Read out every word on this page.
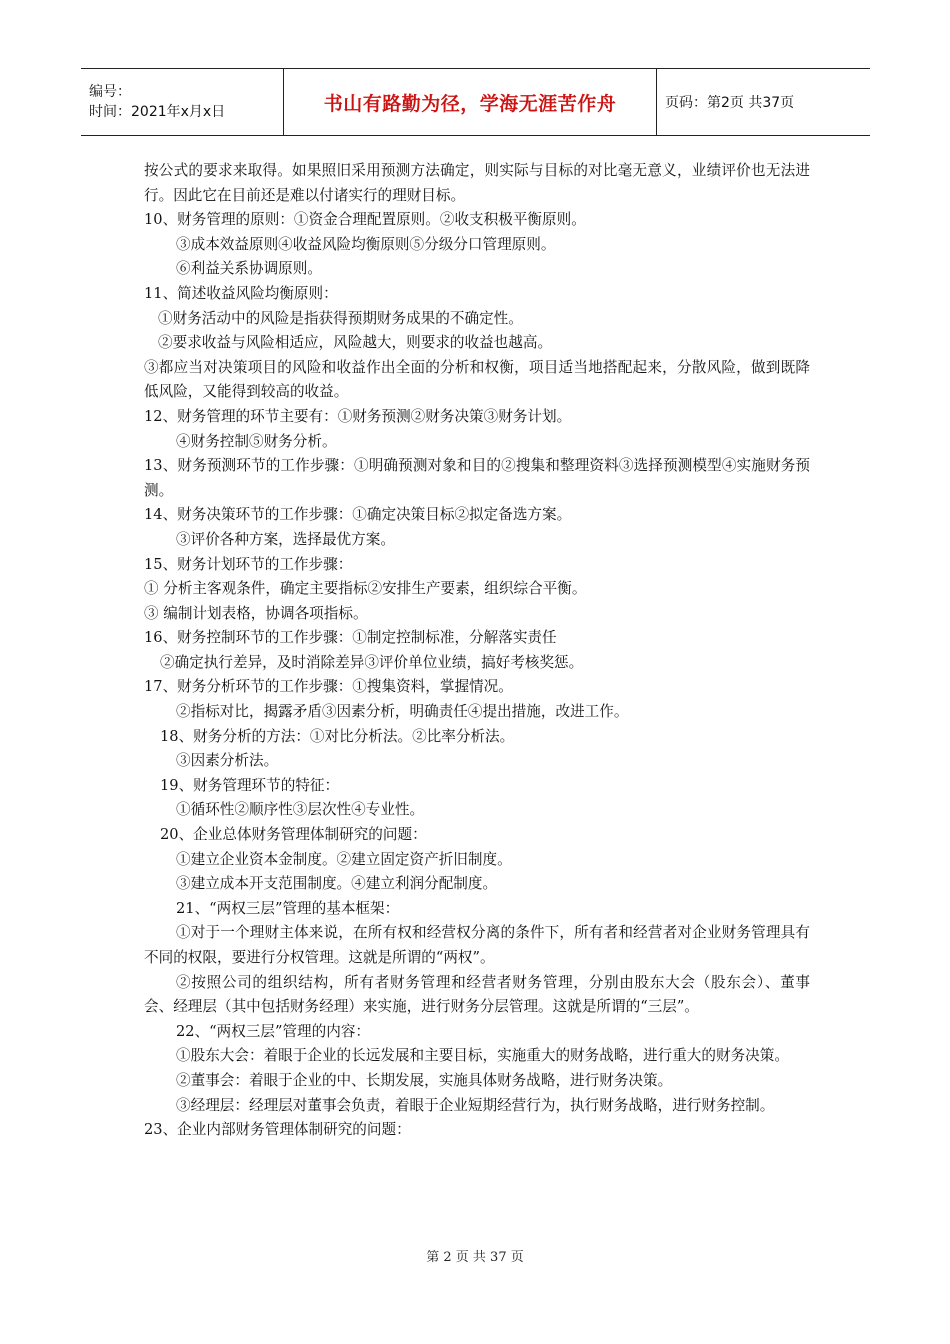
编号：
时间：2021年x月x日	书山有路勤为径，学海无涯苦作舟	页码：第2页 共37页
按公式的要求来取得。如果照旧采用预测方法确定，则实际与目标的对比毫无意义，业绩评价也无法进行。因此它在目前还是难以付诸实行的理财目标。
10、财务管理的原则：①资金合理配置原则。②收支积极平衡原则。
③成本效益原则④收益风险均衡原则⑤分级分口管理原则。
⑥利益关系协调原则。
11、简述收益风险均衡原则：
①财务活动中的风险是指获得预期财务成果的不确定性。
②要求收益与风险相适应，风险越大，则要求的收益也越高。
③都应当对决策项目的风险和收益作出全面的分析和权衡，项目适当地搭配起来，分散风险，做到既降低风险，又能得到较高的收益。
12、财务管理的环节主要有：①财务预测②财务决策③财务计划。
④财务控制⑤财务分析。
13、财务预测环节的工作步骤：①明确预测对象和目的②搜集和整理资料③选择预测模型④实施财务预测。
14、财务决策环节的工作步骤：①确定决策目标②拟定备选方案。
③评价各种方案，选择最优方案。
15、财务计划环节的工作步骤：
① 分析主客观条件，确定主要指标②安排生产要素，组织综合平衡。
③ 编制计划表格，协调各项指标。
16、财务控制环节的工作步骤：①制定控制标准，分解落实责任
②确定执行差异，及时消除差异③评价单位业绩，搞好考核奖惩。
17、财务分析环节的工作步骤：①搜集资料，掌握情况。
②指标对比，揭露矛盾③因素分析，明确责任④提出措施，改进工作。
18、财务分析的方法：①对比分析法。②比率分析法。
③因素分析法。
19、财务管理环节的特征：
①循环性②顺序性③层次性④专业性。
20、企业总体财务管理体制研究的问题：
①建立企业资本金制度。②建立固定资产折旧制度。
③建立成本开支范围制度。④建立利润分配制度。
21、“两权三层”管理的基本框架：
①对于一个理财主体来说，在所有权和经营权分离的条件下，所有者和经营者对企业财务管理具有不同的权限，要进行分权管理。这就是所谓的“两权”。
②按照公司的组织结构，所有者财务管理和经营者财务管理，分别由股东大会（股东会）、董事会、经理层（其中包括财务经理）来实施，进行财务分层管理。这就是所谓的“三层”。
22、“两权三层”管理的内容：
①股东大会：着眼于企业的长远发展和主要目标，实施重大的财务战略，进行重大的财务决策。
②董事会：着眼于企业的中、长期发展，实施具体财务战略，进行财务决策。
③经理层：经理层对董事会负责，着眼于企业短期经营行为，执行财务战略，进行财务控制。
23、企业内部财务管理体制研究的问题：
第 2 页 共 37 页
